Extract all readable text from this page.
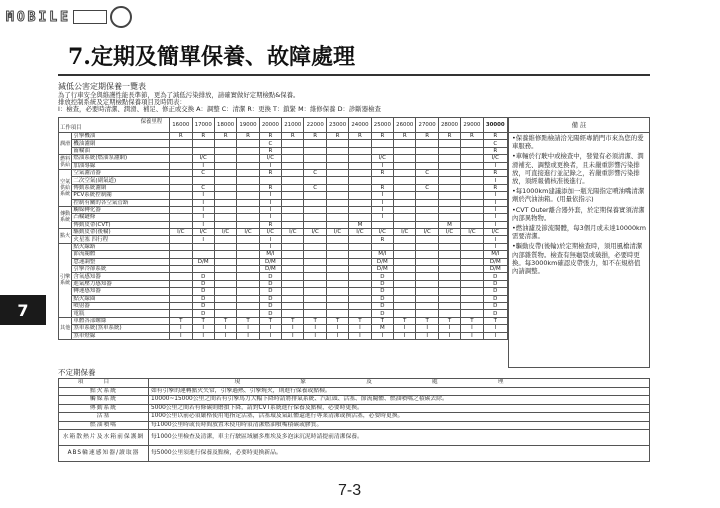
MOBILE
7.定期及簡單保養、故障處理
7
減低公害定期保養一覽表
為了行車安全與維護性能長準節，更為了減低污染排放，請確實做好定期檢點&保養。
排放控制系統及定期檢點保養項目及時間表：
I：檢查，必要時清潔、潤滑、補足、修正或交換 A：調整 C：清潔 R：更換 T：鎖緊 M：維修保養 D：診斷器檢查
保養里程
工作項目		16000	17000	18000	19000	20000	21000	22000	23000	24000	25000	26000	27000	28000	29000	30000
潤滑	引擎機油	R	R	R	R	R	R	R	R	R	R	R	R	R	R	R
	機油濾網					C										C
	齒輪油					R										R
燃料供給	燃油系統(燃油泵濾網)		I/C			I/C					I/C					I/C
	加油導線		I			I					I					I
空氣供給系統	空氣濾清器		C			R		C			R		C			R
	二次空氣(副氣道)															I
	傳動系統濾網		C			R		C			R		C			R
	PCV系統控制閥		I			I					I					I
	控制有關的各空氣管路		I			I					I					I
傳動系統	觸媒轉化器		I			I					I					I
	凸輪鏈條		I			I					I					I
	傳動皮帶(CVT)		I			R				M				M		I
點火	驅動皮帶(後輪)	I/C	I/C	I/C	I/C	I/C	I/C	I/C	I/C	I/C	I/C	I/C	I/C	I/C	I/C	I/C
	火星塞 四行程		I			I					R					I
引擎系統	點火線路					I										I
	節流閥體					M/I					M/I					M/I
	怠速調整		D/M			D/M					D/M					D/M
	引擎冷卻系統					D/M					D/M					D/M
	含氧感知器		D			D					D					D
	進氣壓力感知器		D			D					D					D
	轉速感知器		D			D					D					D
	點火線圈		D			D					D					D
	噴射器		D			D					D					D
	電瓶		D			D					D					D
其他	車體各部螺絲	T	T	T	T	T	T	T	T	T	T	T	T	T	T	T
	煞車系統(煞車系統)	I	I	I	I	I	I	I	I	I	M	I	I	I	I	I
	煞車燈線	I	I	I	I	I	I	I	I	I	I	I	I	I	I	I
備 註
•保養維修點檢請洽光陽經專銷門市來為您的愛車服務。
•車輛於行駛中或檢查中，發覺有必須清潔、潤滑補充、調整或更換者，且未嚴重影響污染排放，可直接進行並記錄之，若嚴重影響污染排放，須經報備核准後進行。
•每1000km建議添加一瓶光陽指定噴油嘴清潔劑於汽油油箱。(用量依指示)
•CVT Outer離合器外套，於定期保養實須清潔內部異物物。
•燃油濾及節流閥體，每3個月或未達10000km需要清潔。
•驅動皮帶(後輪)於定期檢查時，須用風槍清潔內部雜質物。檢查有無龜裂或破損，必要時更換。每3000km確認皮帶張力，如不在規格值內請調整。
不定期保養
項目	現象及處理
點火系統	如有引擎的運轉點火失常，引擎過熱、引擎燒火，則進行保養或點檢。
觸媒系統	10000~15000公里之間若有引擎馬力大幅下降時請將排氣系統、汽缸頭、活塞、節流閥體、燃油噴嘴之積碳去除。
傳動系統	5000公里之間若有條碳則磨損下降，請對CVT系統進行保養及點檢，必要時更換。
活塞	1000公里以前必須嚴格使用電指定活塞，活塞環及氣缸體還進行專業清潔或換活塞，必要時更換。
燃油噴嘴	每1000公里時或長時間放置未使用時須清潔燃油噴嘴積碳或膠質。
水箱散熱片及水箱前保護網	每1000公里檢查及清潔，車主行駛區域屬多塵埃及多泡沫沉泥時請提前清潔保養。
ABS輪速感知器/讀取器	每5000公里須進行保養及點檢，必要時更換新品。
7-3
